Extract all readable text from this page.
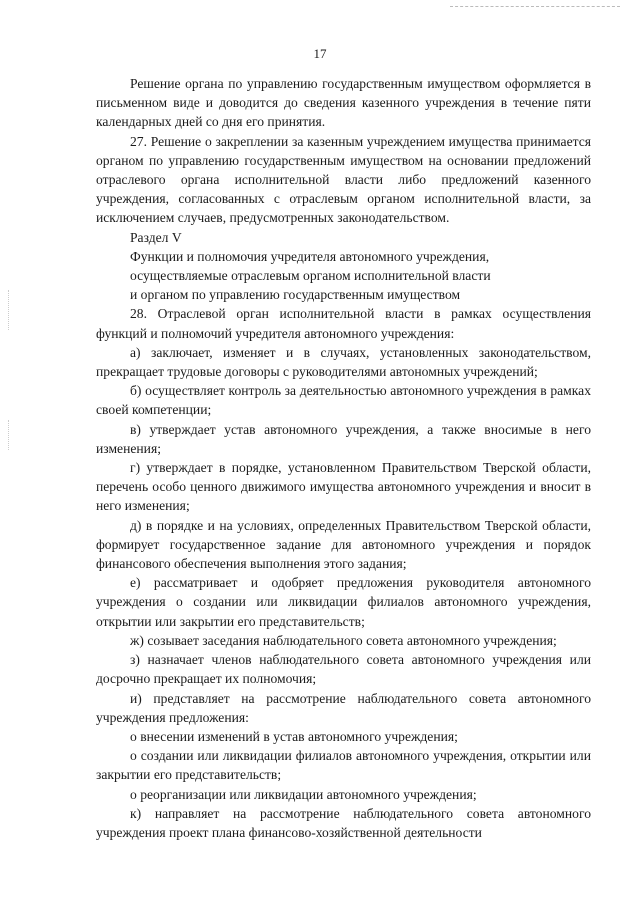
17

Решение органа по управлению государственным имуществом оформляется в письменном виде и доводится до сведения казенного учреждения в течение пяти календарных дней со дня его принятия.

27. Решение о закреплении за казенным учреждением имущества принимается органом по управлению государственным имуществом на основании предложений отраслевого органа исполнительной власти либо предложений казенного учреждения, согласованных с отраслевым органом исполнительной власти, за исключением случаев, предусмотренных законодательством.

Раздел V

Функции и полномочия учредителя автономного учреждения,

осуществляемые отраслевым органом исполнительной власти

и органом по управлению государственным имуществом

28. Отраслевой орган исполнительной власти в рамках осуществления функций и полномочий учредителя автономного учреждения:

а) заключает, изменяет и в случаях, установленных законодательством, прекращает трудовые договоры с руководителями автономных учреждений;

б) осуществляет контроль за деятельностью автономного учреждения в рамках своей компетенции;

в) утверждает устав автономного учреждения, а также вносимые в него изменения;

г) утверждает в порядке, установленном Правительством Тверской области, перечень особо ценного движимого имущества автономного учреждения и вносит в него изменения;

д) в порядке и на условиях, определенных Правительством Тверской области, формирует государственное задание для автономного учреждения и порядок финансового обеспечения выполнения этого задания;

е) рассматривает и одобряет предложения руководителя автономного учреждения о создании или ликвидации филиалов автономного учреждения, открытии или закрытии его представительств;

ж) созывает заседания наблюдательного совета автономного учреждения;

з) назначает членов наблюдательного совета автономного учреждения или досрочно прекращает их полномочия;

и) представляет на рассмотрение наблюдательного совета автономного учреждения предложения:

о внесении изменений в устав автономного учреждения;

о создании или ликвидации филиалов автономного учреждения, открытии или закрытии его представительств;

о реорганизации или ликвидации автономного учреждения;

к) направляет на рассмотрение наблюдательного совета автономного учреждения проект плана финансово-хозяйственной деятельности
